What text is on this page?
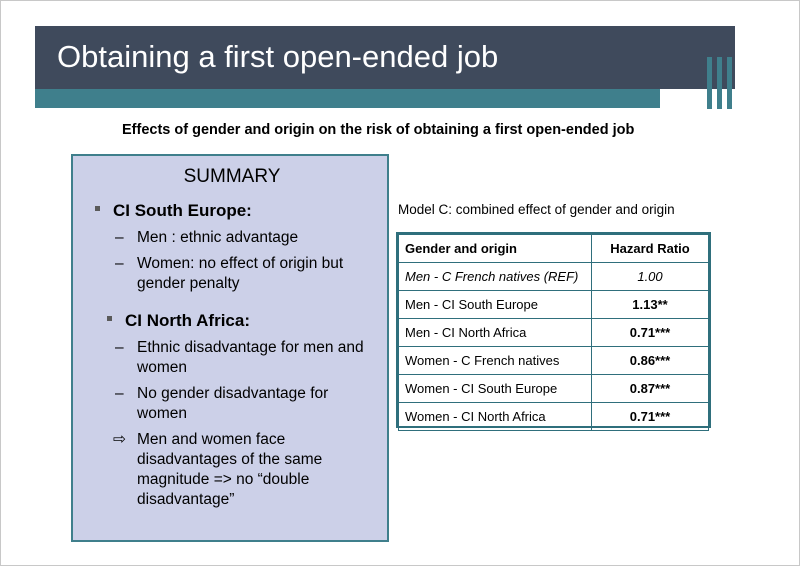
Obtaining a first open-ended job
Effects of gender and origin on the risk of obtaining a first open-ended job
SUMMARY
CI South Europe:
– Men : ethnic advantage
– Women: no effect of origin but gender penalty
CI North Africa:
– Ethnic disadvantage for men and women
– No gender disadvantage for women
⇨ Men and women face disadvantages of the same magnitude => no “double disadvantage”
Model C: combined effect of gender and origin
Gender and origin	Hazard Ratio
Men - C French natives (REF)	1.00
Men - CI South Europe	1.13**
Men - CI North Africa	0.71***
Women - C French natives	0.86***
Women - CI South Europe	0.87***
Women - CI North Africa	0.71***
